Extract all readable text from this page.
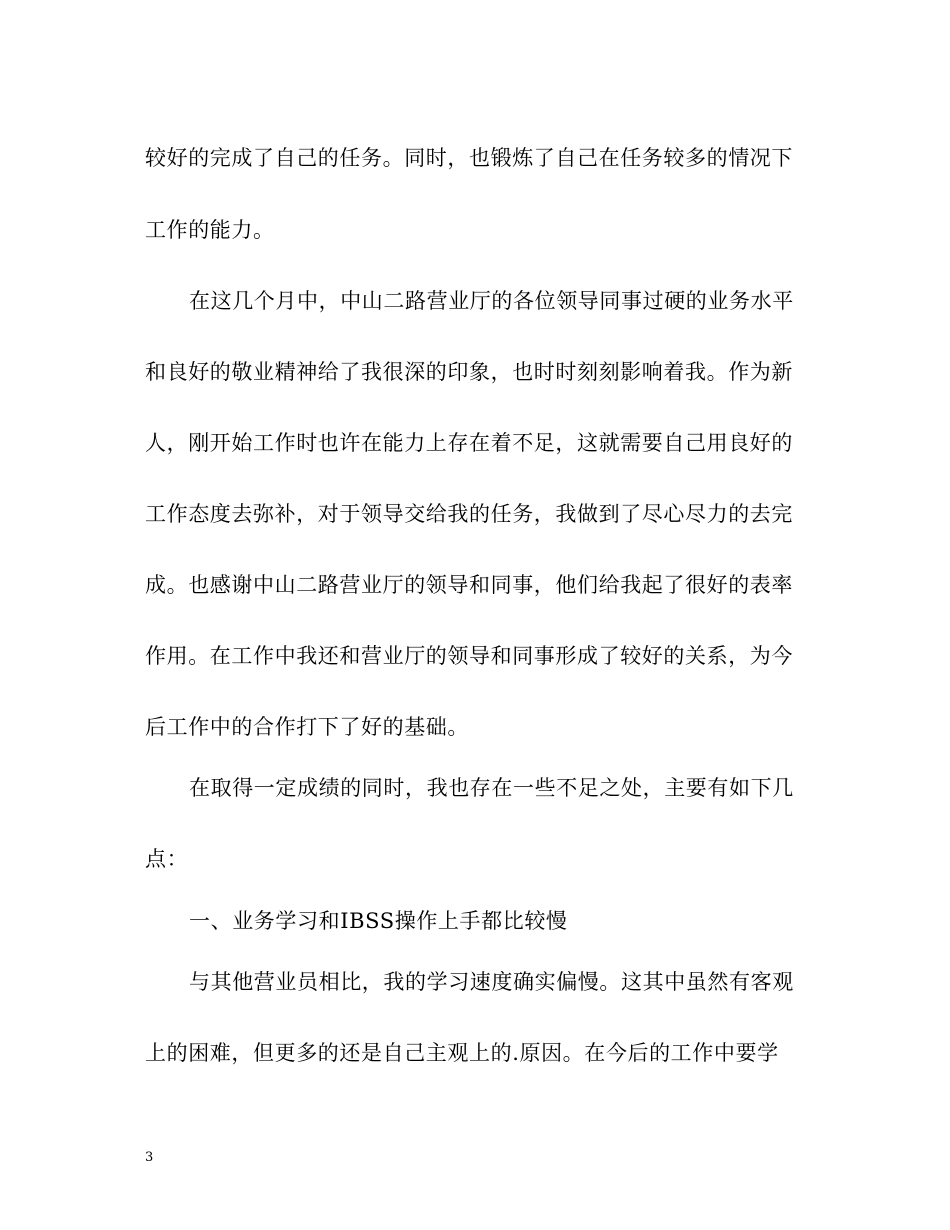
较好的完成了自己的任务。同时，也锻炼了自己在任务较多的情况下
工作的能力。
在这几个月中，中山二路营业厅的各位领导同事过硬的业务水平
和良好的敬业精神给了我很深的印象，也时时刻刻影响着我。作为新
人，刚开始工作时也许在能力上存在着不足，这就需要自己用良好的
工作态度去弥补，对于领导交给我的任务，我做到了尽心尽力的去完
成。也感谢中山二路营业厅的领导和同事，他们给我起了很好的表率
作用。在工作中我还和营业厅的领导和同事形成了较好的关系，为今
后工作中的合作打下了好的基础。
在取得一定成绩的同时，我也存在一些不足之处，主要有如下几
点：
一、业务学习和IBSS操作上手都比较慢
与其他营业员相比，我的学习速度确实偏慢。这其中虽然有客观
上的困难，但更多的还是自己主观上的.原因。在今后的工作中要学
3
